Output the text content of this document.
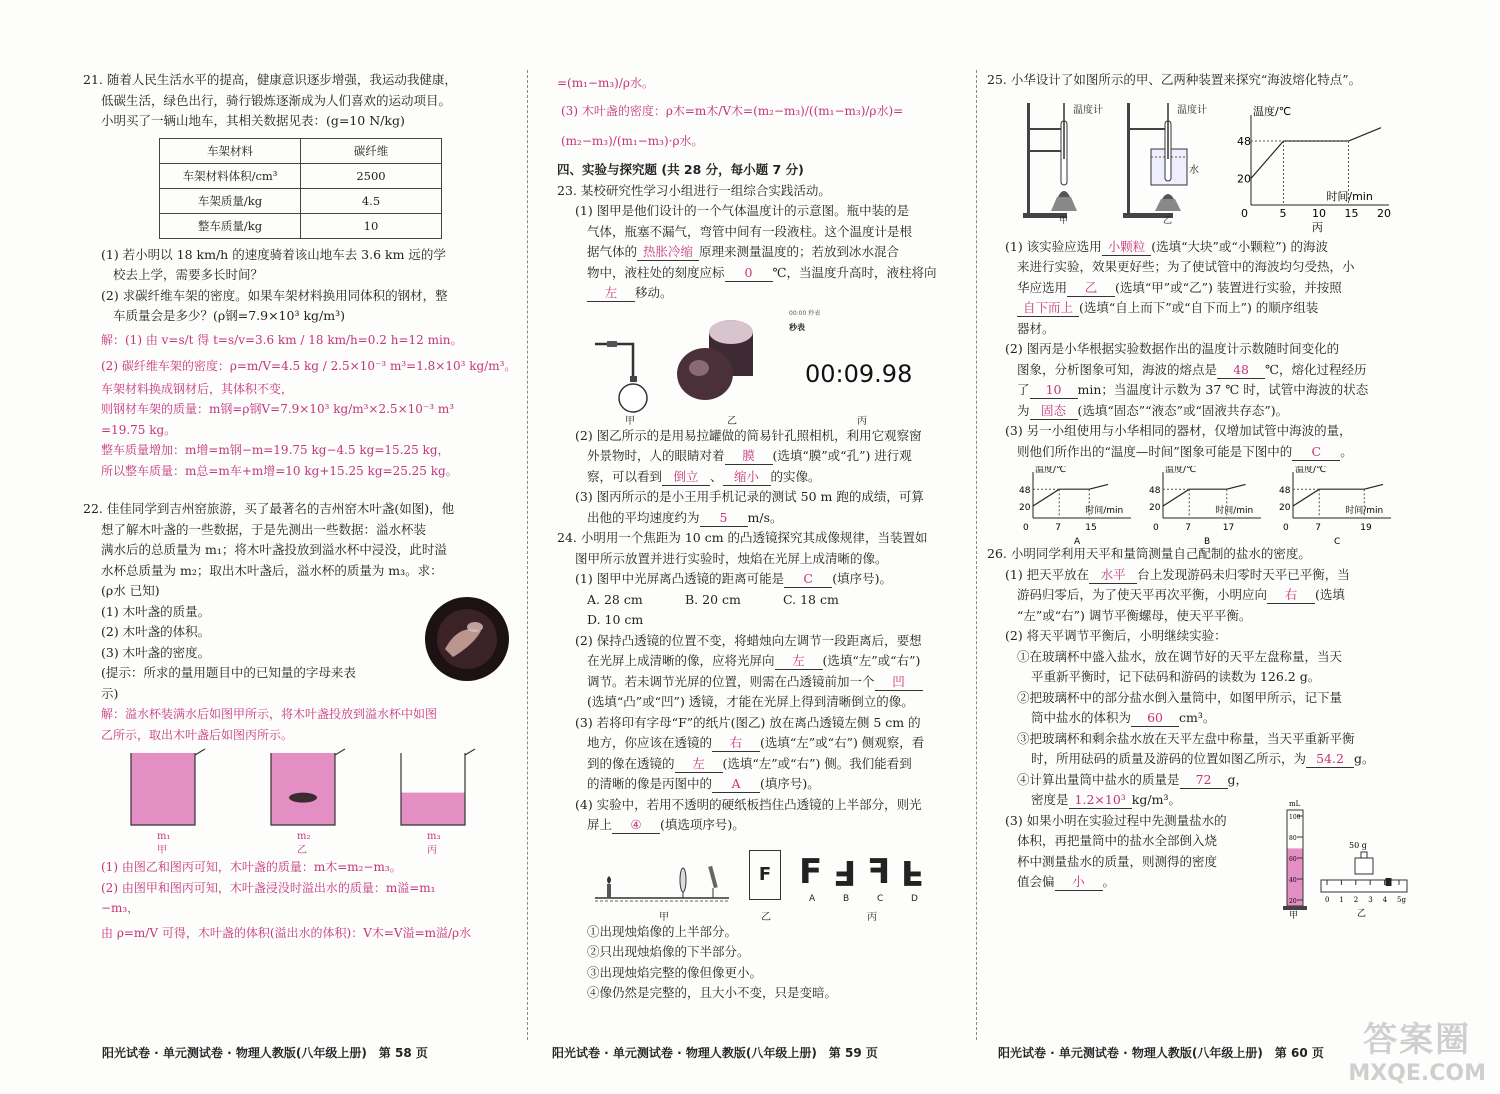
21. 随着人民生活水平的提高，健康意识逐步增强，我运动我健康，

低碳生活，绿色出行，骑行锻炼逐渐成为人们喜欢的运动项目。

小明买了一辆山地车，其相关数据见表：(g=10 N/kg)

车架材料	碳纤维
车架材料体积/cm³	2500
车架质量/kg	4.5
整车质量/kg	10

(1) 若小明以 18 km/h 的速度骑着该山地车去 3.6 km 远的学

校去上学，需要多长时间？

(2) 求碳纤维车架的密度。如果车架材料换用同体积的钢材，整

车质量会是多少？(ρ钢=7.9×10³ kg/m³)

解：(1) 由 v=s/t 得 t=s/v=3.6 km / 18 km/h=0.2 h=12 min。

(2) 碳纤维车架的密度：ρ=m/V=4.5 kg / 2.5×10⁻³ m³=1.8×10³ kg/m³。

车架材料换成钢材后，其体积不变，

则钢材车架的质量：m钢=ρ钢V=7.9×10³ kg/m³×2.5×10⁻³ m³

=19.75 kg。

整车质量增加：m增=m钢−m=19.75 kg−4.5 kg=15.25 kg，

所以整车质量：m总=m车+m增=10 kg+15.25 kg=25.25 kg。

22. 佳佳同学到吉州窑旅游，买了最著名的吉州窑木叶盏(如图)，他

想了解木叶盏的一些数据，于是先测出一些数据：溢水杯装

满水后的总质量为 m₁；将木叶盏投放到溢水杯中浸没，此时溢

水杯总质量为 m₂；取出木叶盏后，溢水杯的质量为 m₃。求：

(ρ水 已知)

(1) 木叶盏的质量。

(2) 木叶盏的体积。

(3) 木叶盏的密度。

(提示：所求的量用题目中的已知量的字母来表

示)

解：溢水杯装满水后如图甲所示，将木叶盏投放到溢水杯中如图

乙所示，取出木叶盏后如图丙所示。

m₁
甲
m₂
乙
m₃
丙

(1) 由图乙和图丙可知，木叶盏的质量：m木=m₂−m₃。

(2) 由图甲和图丙可知，木叶盏浸没时溢出水的质量：m溢=m₁

−m₃，

由 ρ=m/V 可得，木叶盏的体积(溢出水的体积)：V木=V溢=m溢/ρ水

=(m₁−m₃)/ρ水。

(3) 木叶盏的密度：ρ木=m木/V木=(m₂−m₃)/((m₁−m₃)/ρ水)=(m₂−m₃)/(m₁−m₃)·ρ水。

四、实验与探究题 (共 28 分，每小题 7 分)

23. 某校研究性学习小组进行一组综合实践活动。

(1) 图甲是他们设计的一个气体温度计的示意图。瓶中装的是

气体，瓶塞不漏气，弯管中间有一段液柱。这个温度计是根

据气体的 热胀冷缩 原理来测量温度的；若放到冰水混合

物中，液柱处的刻度应标 0 ℃，当温度升高时，液柱将向

左 移动。

00:00 秒表
秒表
00:09.98
甲	乙	丙

(2) 图乙所示的是用易拉罐做的简易针孔照相机，利用它观察窗

外景物时，人的眼睛对着 膜 (选填“膜”或“孔”) 进行观

察，可以看到 倒立 、 缩小 的实像。

(3) 图丙所示的是小王用手机记录的测试 50 m 跑的成绩，可算

出他的平均速度约为 5 m/s。

24. 小明用一个焦距为 10 cm 的凸透镜探究其成像规律，当装置如

图甲所示放置并进行实验时，烛焰在光屏上成清晰的像。

(1) 图甲中光屏离凸透镜的距离可能是 C (填序号)。

A. 28 cm	B. 20 cm	C. 18 cmD. 10 cm

(2) 保持凸透镜的位置不变，将蜡烛向左调节一段距离后，要想

在光屏上成清晰的像，应将光屏向 左 (选填“左”或“右”)

调节。若未调节光屏的位置，则需在凸透镜前加一个 凹

(选填“凸”或“凹”) 透镜，才能在光屏上得到清晰倒立的像。

(3) 若将印有字母“F”的纸片(图乙) 放在离凸透镜左侧 5 cm 的

地方，你应该在透镜的 右 (选填“左”或“右”) 侧观察，看

到的像在透镜的 左 (选填“左”或“右”) 侧。我们能看到

的清晰的像是丙图中的 A (填序号)。

(4) 实验中，若用不透明的硬纸板挡住凸透镜的上半部分，则光

屏上 ④ (填选项序号)。

F F F F F
A	B	C	D
甲	乙	丙

①出现烛焰像的上半部分。

②只出现烛焰像的下半部分。

③出现烛焰完整的像但像更小。

④像仍然是完整的，且大小不变，只是变暗。

25. 小华设计了如图所示的甲、乙两种装置来探究“海波熔化特点”。

温度计
甲
温度计
水
乙
温度/℃
时间/min
48
20
0	5 10 15 20
丙

(1) 该实验应选用 小颗粒 (选填“大块”或“小颗粒”) 的海波

来进行实验，效果更好些；为了使试管中的海波均匀受热，小

华应选用 乙 (选填“甲”或“乙”) 装置进行实验，并按照

自下而上 (选填“自上而下”或“自下而上”) 的顺序组装

器材。

(2) 图丙是小华根据实验数据作出的温度计示数随时间变化的

图象，分析图象可知，海波的熔点是 48 ℃，熔化过程经历

了 10 min；当温度计示数为 37 ℃ 时，试管中海波的状态

为 固态 (选填“固态”“液态”或“固液共存态”)。

(3) 另一小组使用与小华相同的器材，仅增加试管中海波的量，

则他们所作出的“温度—时间”图象可能是下图中的 C 。

温度/℃
时间/min
48
20
0	7	15
A
温度/℃
时间/min
48
20
0	7	17
B
温度/℃
时间/min
48
20
0	7	19
C

26. 小明同学利用天平和量筒测量自己配制的盐水的密度。

(1) 把天平放在 水平 台上发现游码未归零时天平已平衡，当

游码归零后，为了使天平再次平衡，小明应向 右 (选填

“左”或“右”) 调节平衡螺母，使天平平衡。

(2) 将天平调节平衡后，小明继续实验：

①在玻璃杯中盛入盐水，放在调节好的天平左盘称量，当天

平重新平衡时，记下砝码和游码的读数为 126.2 g。

②把玻璃杯中的部分盐水倒入量筒中，如图甲所示，记下量

筒中盐水的体积为 60 cm³。

③把玻璃杯和剩余盐水放在天平左盘中称量，当天平重新平衡

时，所用砝码的质量及游码的位置如图乙所示，为 54.2 g。

④计算出量筒中盐水的质量是 72 g，

密度是 1.2×10³ kg/m³。

(3) 如果小明在实验过程中先测量盐水的

体积，再把量筒中的盐水全部倒入烧

杯中测量盐水的质量，则测得的密度

值会偏 小 。

mL
100
80
60
40
20
甲
50 g
0 1 2 3 4 5g
乙
阳光试卷 · 单元测试卷 · 物理人教版(八年级上册)　第 58 页	阳光试卷 · 单元测试卷 · 物理人教版(八年级上册)　第 59 页	阳光试卷 · 单元测试卷 · 物理人教版(八年级上册)　第 60 页	答案圈
MXQE.COM
